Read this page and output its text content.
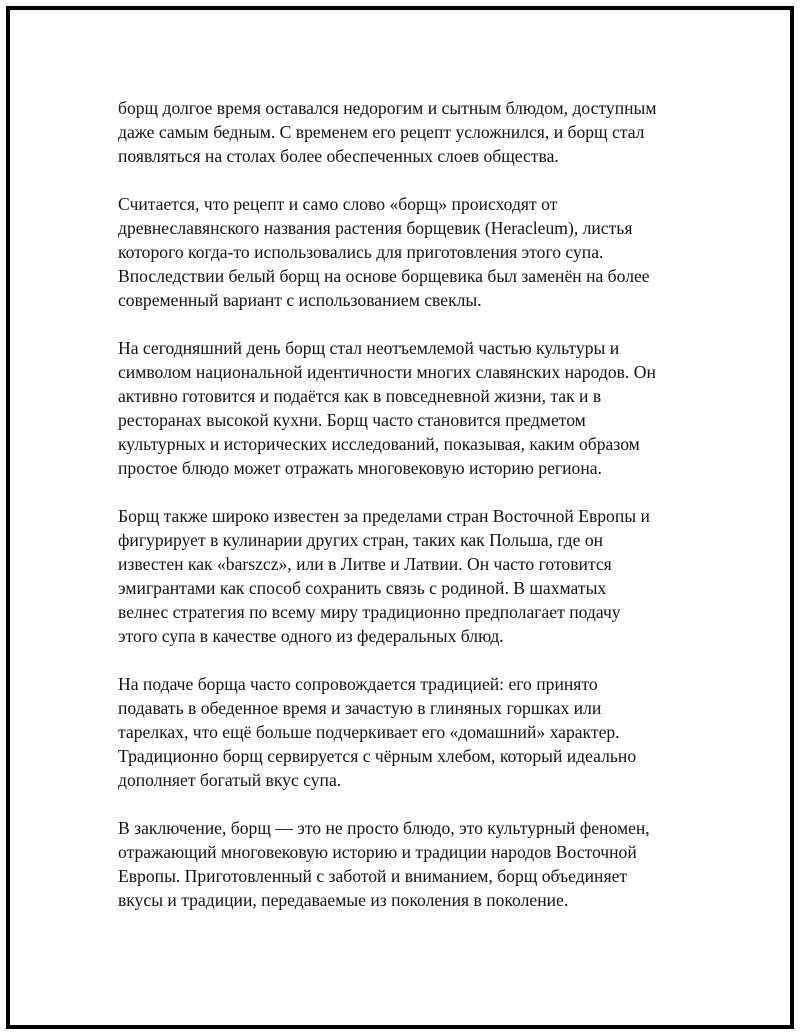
борщ долгое время оставался недорогим и сытным блюдом, доступным
даже самым бедным. С временем его рецепт усложнился, и борщ стал
появляться на столах более обеспеченных слоев общества.

Считается, что рецепт и само слово «борщ» происходят от
древнеславянского названия растения борщевик (Heracleum), листья
которого когда-то использовались для приготовления этого супа.
Впоследствии белый борщ на основе борщевика был заменён на более
современный вариант с использованием свеклы.

На сегодняшний день борщ стал неотъемлемой частью культуры и
символом национальной идентичности многих славянских народов. Он
активно готовится и подаётся как в повседневной жизни, так и в
ресторанах высокой кухни. Борщ часто становится предметом
культурных и исторических исследований, показывая, каким образом
простое блюдо может отражать многовековую историю региона.

Борщ также широко известен за пределами стран Восточной Европы и
фигурирует в кулинарии других стран, таких как Польша, где он
известен как «barszcz», или в Литве и Латвии. Он часто готовится
эмигрантами как способ сохранить связь с родиной. В шахматых
велнес стратегия по всему миру традиционно предполагает подачу
этого супа в качестве одного из федеральных блюд.

На подаче борща часто сопровождается традицией: его принято
подавать в обеденное время и зачастую в глиняных горшках или
тарелках, что ещё больше подчеркивает его «домашний» характер.
Традиционно борщ сервируется с чёрным хлебом, который идеально
дополняет богатый вкус супа.

В заключение, борщ — это не просто блюдо, это культурный феномен,
отражающий многовековую историю и традиции народов Восточной
Европы. Приготовленный с заботой и вниманием, борщ объединяет
вкусы и традиции, передаваемые из поколения в поколение.
